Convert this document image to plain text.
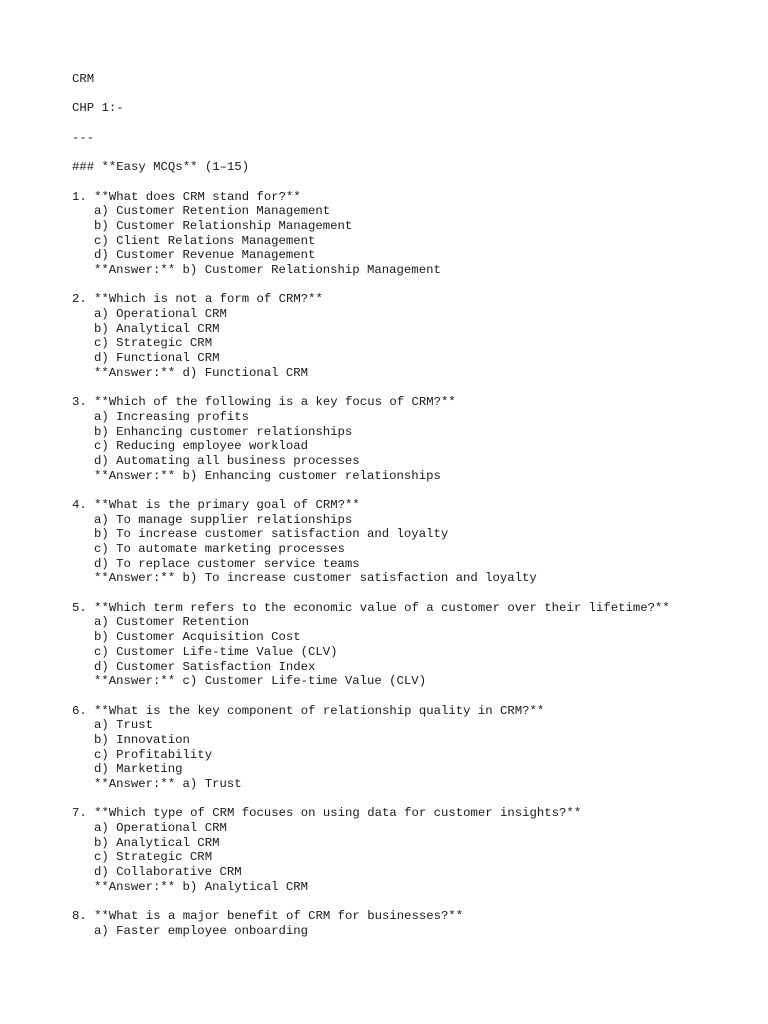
CRM
CHP 1:-
---
### **Easy MCQs** (1–15)
1. **What does CRM stand for?**
a) Customer Retention Management
b) Customer Relationship Management
c) Client Relations Management
d) Customer Revenue Management
**Answer:** b) Customer Relationship Management
2. **Which is not a form of CRM?**
a) Operational CRM
b) Analytical CRM
c) Strategic CRM
d) Functional CRM
**Answer:** d) Functional CRM
3. **Which of the following is a key focus of CRM?**
a) Increasing profits
b) Enhancing customer relationships
c) Reducing employee workload
d) Automating all business processes
**Answer:** b) Enhancing customer relationships
4. **What is the primary goal of CRM?**
a) To manage supplier relationships
b) To increase customer satisfaction and loyalty
c) To automate marketing processes
d) To replace customer service teams
**Answer:** b) To increase customer satisfaction and loyalty
5. **Which term refers to the economic value of a customer over their lifetime?**
a) Customer Retention
b) Customer Acquisition Cost
c) Customer Life-time Value (CLV)
d) Customer Satisfaction Index
**Answer:** c) Customer Life-time Value (CLV)
6. **What is the key component of relationship quality in CRM?**
a) Trust
b) Innovation
c) Profitability
d) Marketing
**Answer:** a) Trust
7. **Which type of CRM focuses on using data for customer insights?**
a) Operational CRM
b) Analytical CRM
c) Strategic CRM
d) Collaborative CRM
**Answer:** b) Analytical CRM
8. **What is a major benefit of CRM for businesses?**
a) Faster employee onboarding
